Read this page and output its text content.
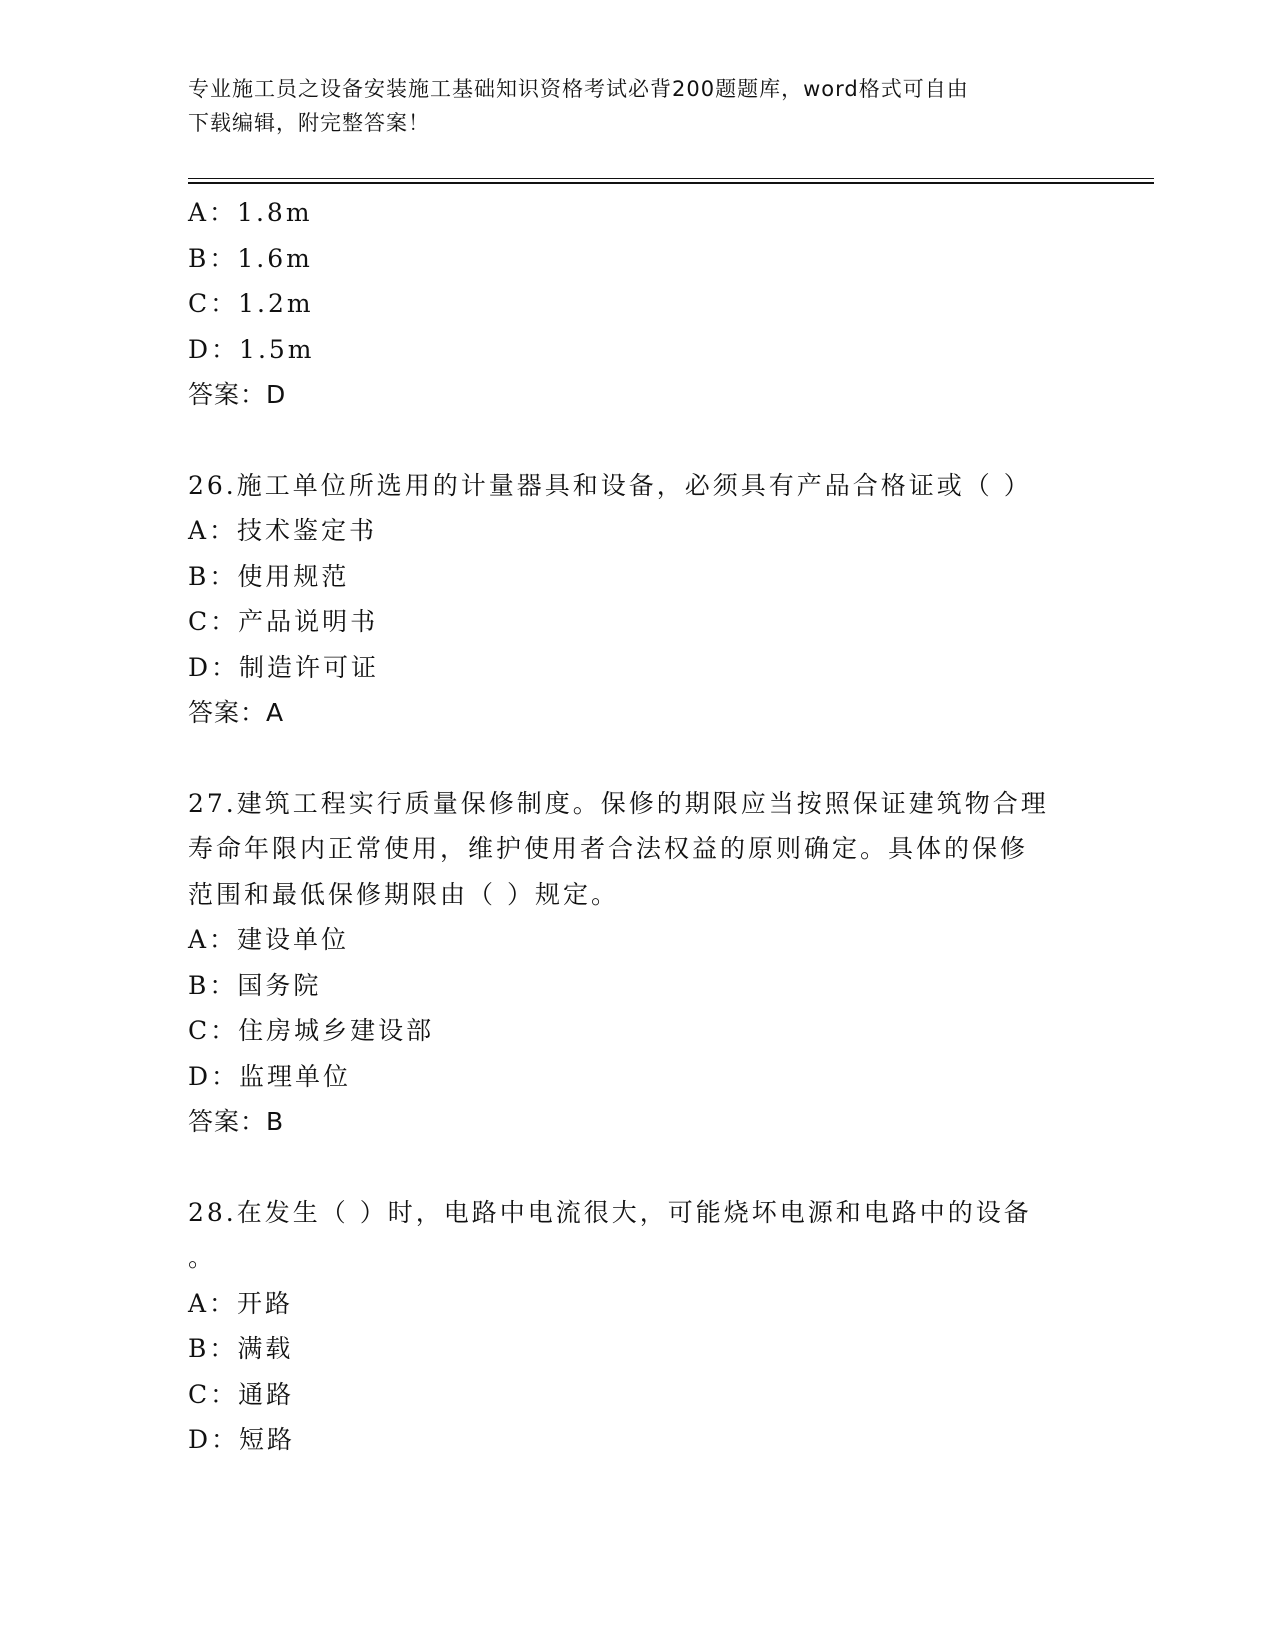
专业施工员之设备安装施工基础知识资格考试必背200题题库，word格式可自由
下载编辑，附完整答案！

A：1.8m

B：1.6m

C：1.2m

D：1.5m

答案：D

26.施工单位所选用的计量器具和设备，必须具有产品合格证或（ ）

A：技术鉴定书

B：使用规范

C：产品说明书

D：制造许可证

答案：A

27.建筑工程实行质量保修制度。保修的期限应当按照保证建筑物合理

寿命年限内正常使用，维护使用者合法权益的原则确定。具体的保修

范围和最低保修期限由（ ）规定。

A：建设单位

B：国务院

C：住房城乡建设部

D：监理单位

答案：B

28.在发生（ ）时，电路中电流很大，可能烧坏电源和电路中的设备

。

A：开路

B：满载

C：通路

D：短路
